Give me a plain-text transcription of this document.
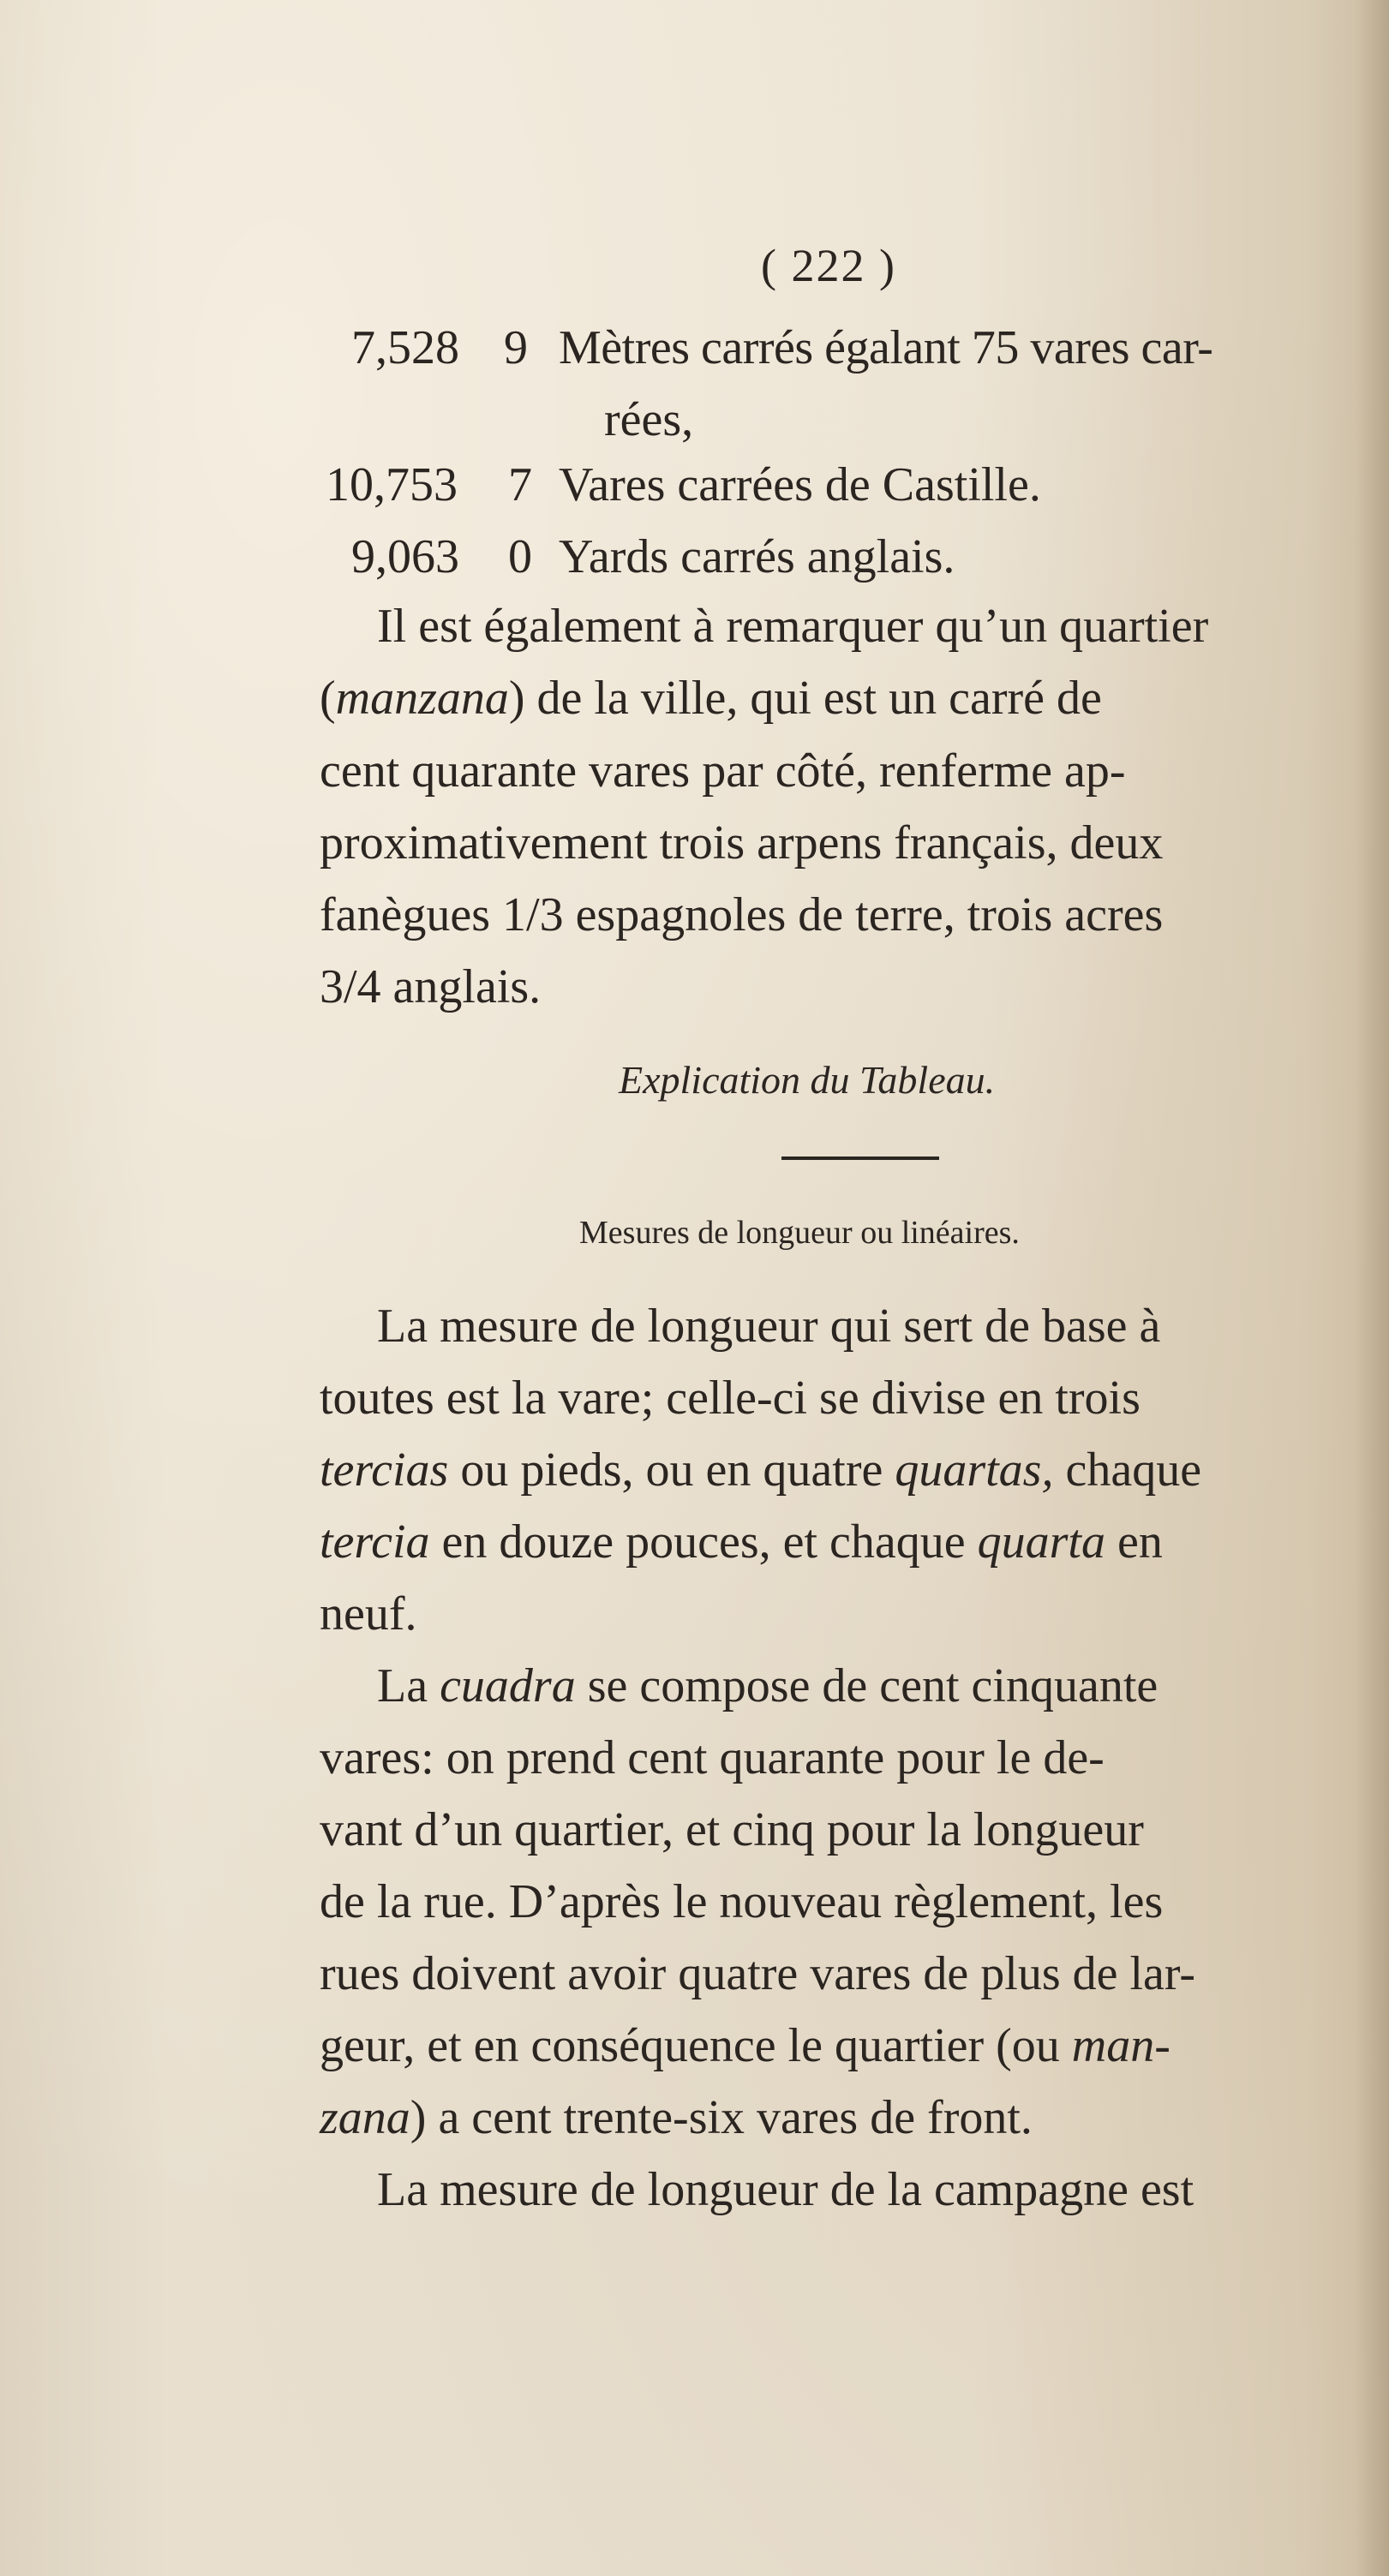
( 222 )
7,528 9 Mètres carrés égalant 75 vares car-
rées,
10,753 7 Vares carrées de Castille.
9,063 0 Yards carrés anglais.
Il est également à remarquer qu’un quartier
(manzana) de la ville, qui est un carré de
cent quarante vares par côté, renferme ap-
proximativement trois arpens français, deux
fanègues 1/3 espagnoles de terre, trois acres
3/4 anglais.
Explication du Tableau.
Mesures de longueur ou linéaires.
La mesure de longueur qui sert de base à
toutes est la vare; celle-ci se divise en trois
tercias ou pieds, ou en quatre quartas, chaque
tercia en douze pouces, et chaque quarta en
neuf.
La cuadra se compose de cent cinquante
vares: on prend cent quarante pour le de-
vant d’un quartier, et cinq pour la longueur
de la rue. D’après le nouveau règlement, les
rues doivent avoir quatre vares de plus de lar-
geur, et en conséquence le quartier (ou man-
zana) a cent trente-six vares de front.
La mesure de longueur de la campagne est
